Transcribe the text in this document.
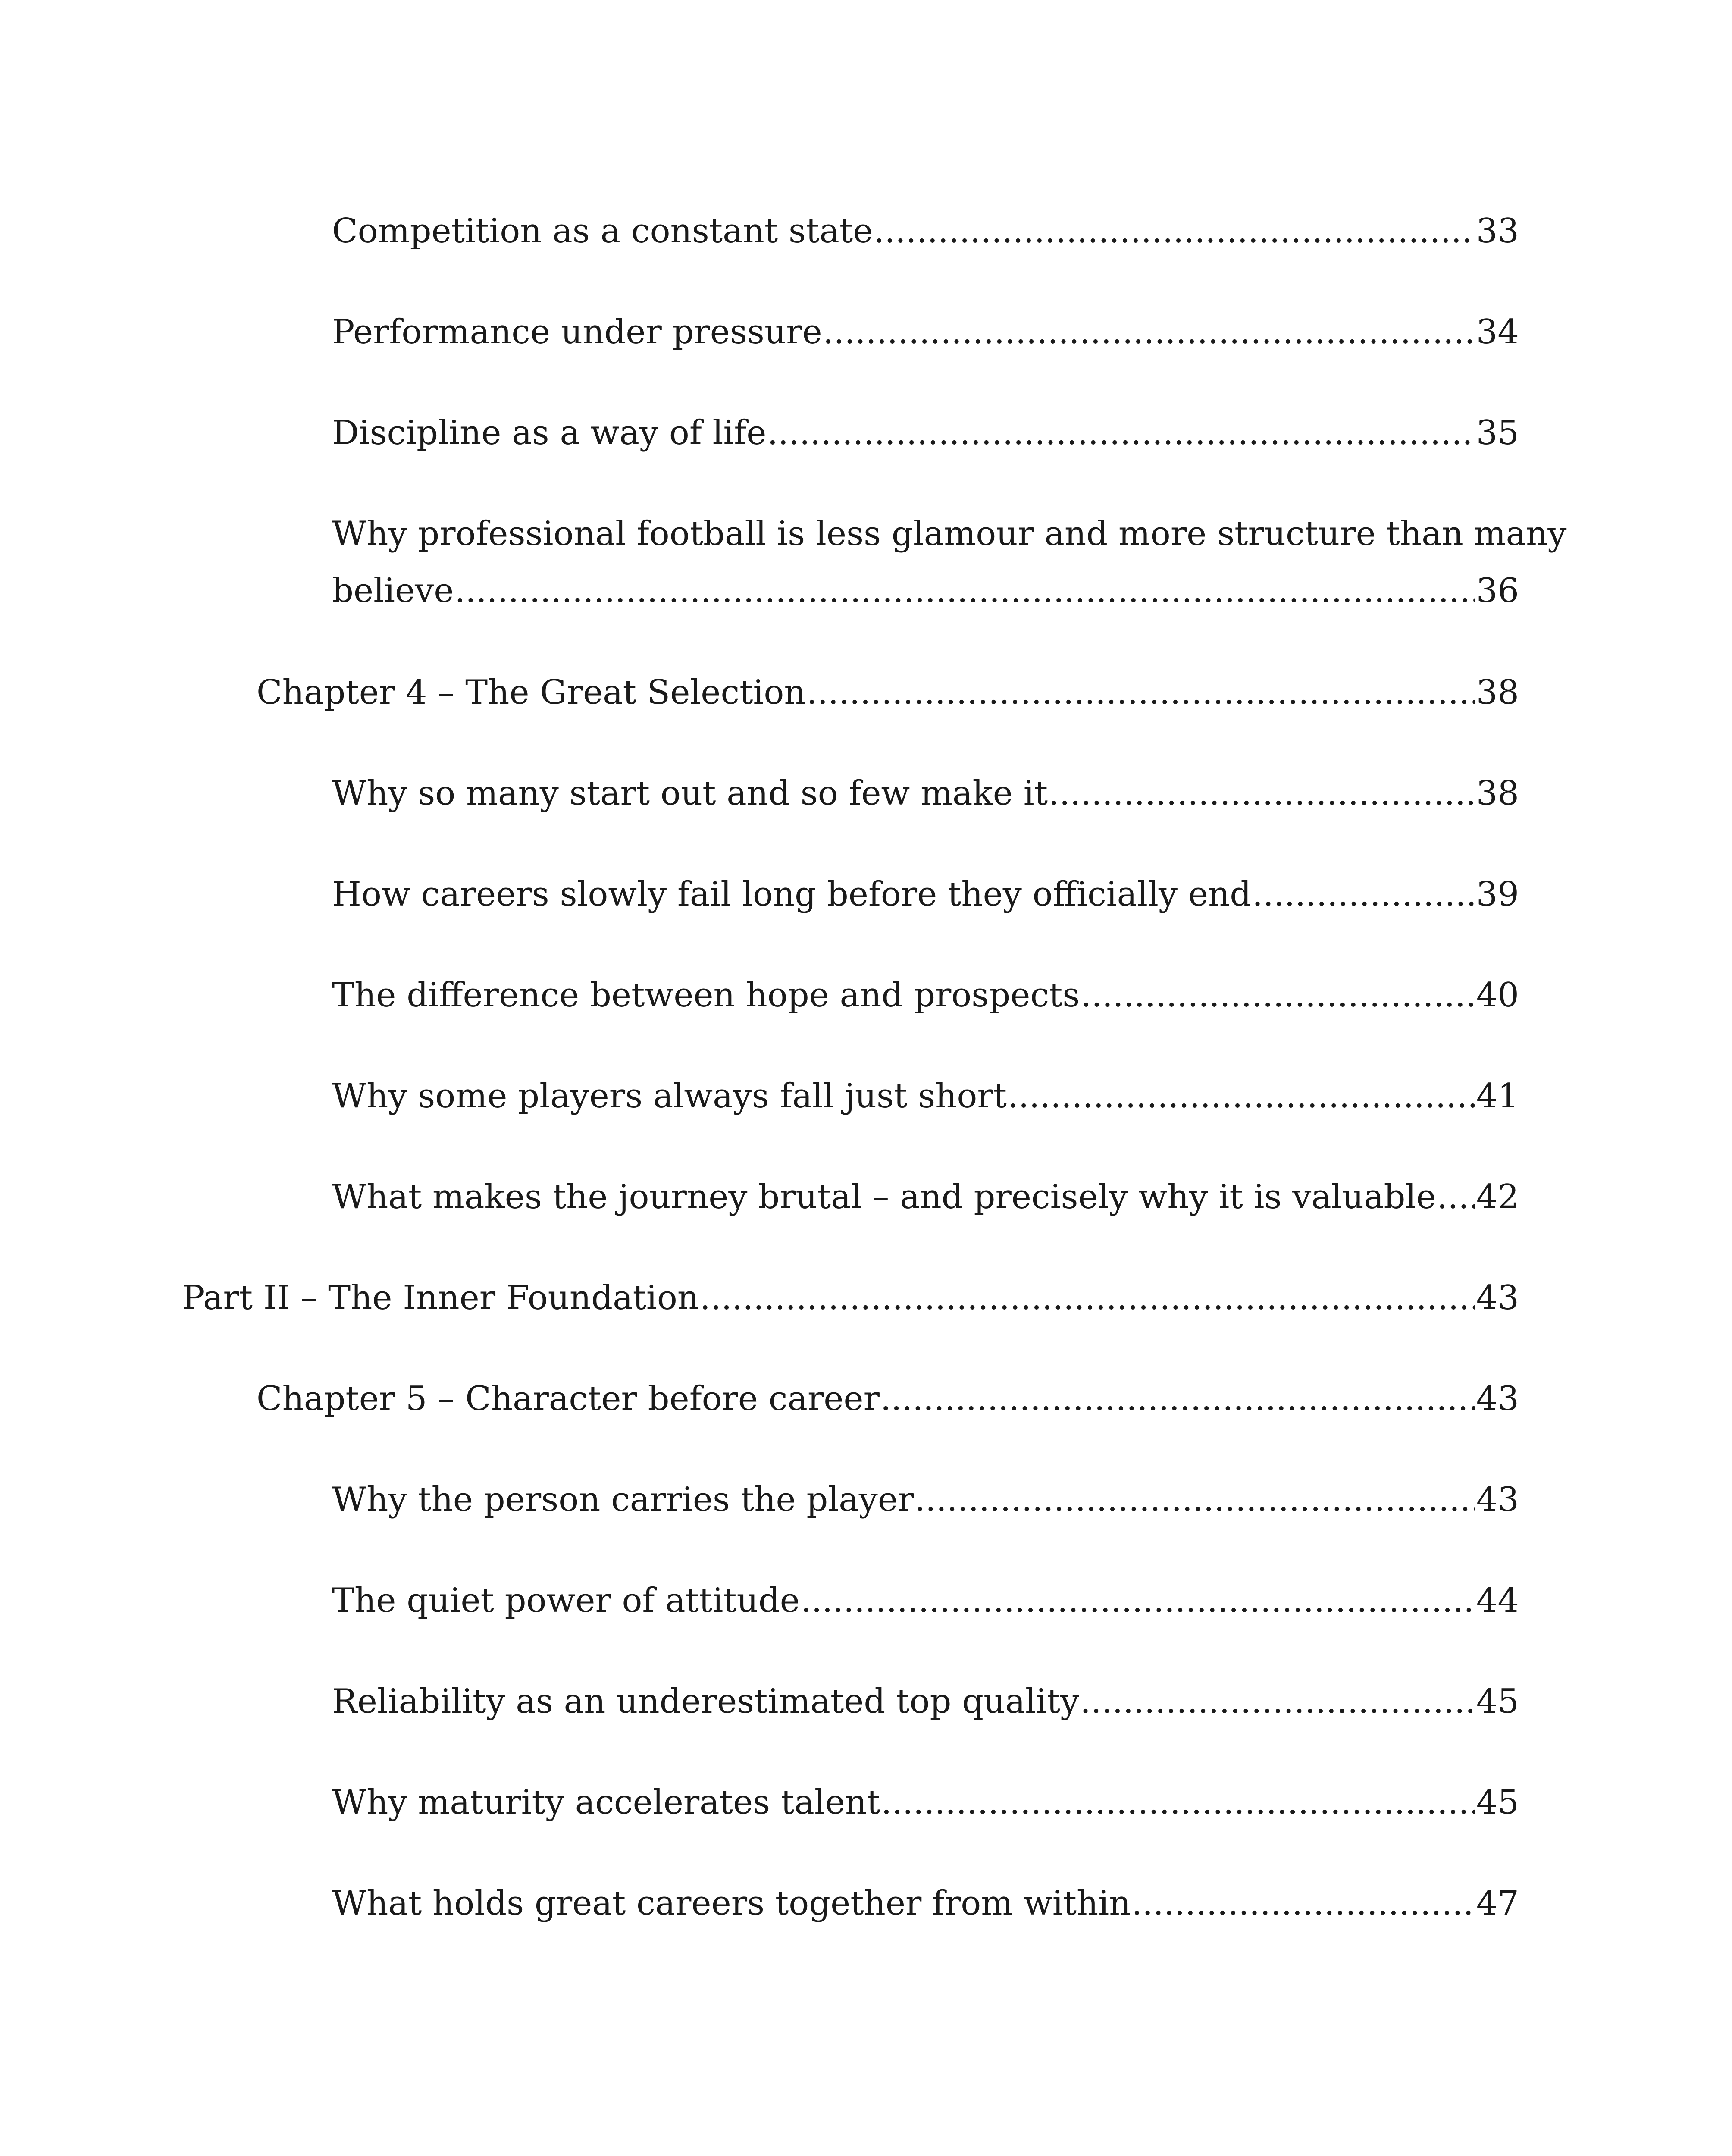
Competition as a constant state .....	33
Performance under pressure .....	34
Discipline as a way of life .....	35
Why professional football is less glamour and more structure than many
believe .....	36
Chapter 4 – The Great Selection .....	38
Why so many start out and so few make it .....	38
How careers slowly fail long before they officially end .....	39
The difference between hope and prospects .....	40
Why some players always fall just short .....	41
What makes the journey brutal – and precisely why it is valuable ..... 42
Part II – The Inner Foundation .....	43
Chapter 5 – Character before career .....	43
Why the person carries the player .....	43
The quiet power of attitude .....	44
Reliability as an underestimated top quality .....	45
Why maturity accelerates talent .....	45
What holds great careers together from within .....	47
